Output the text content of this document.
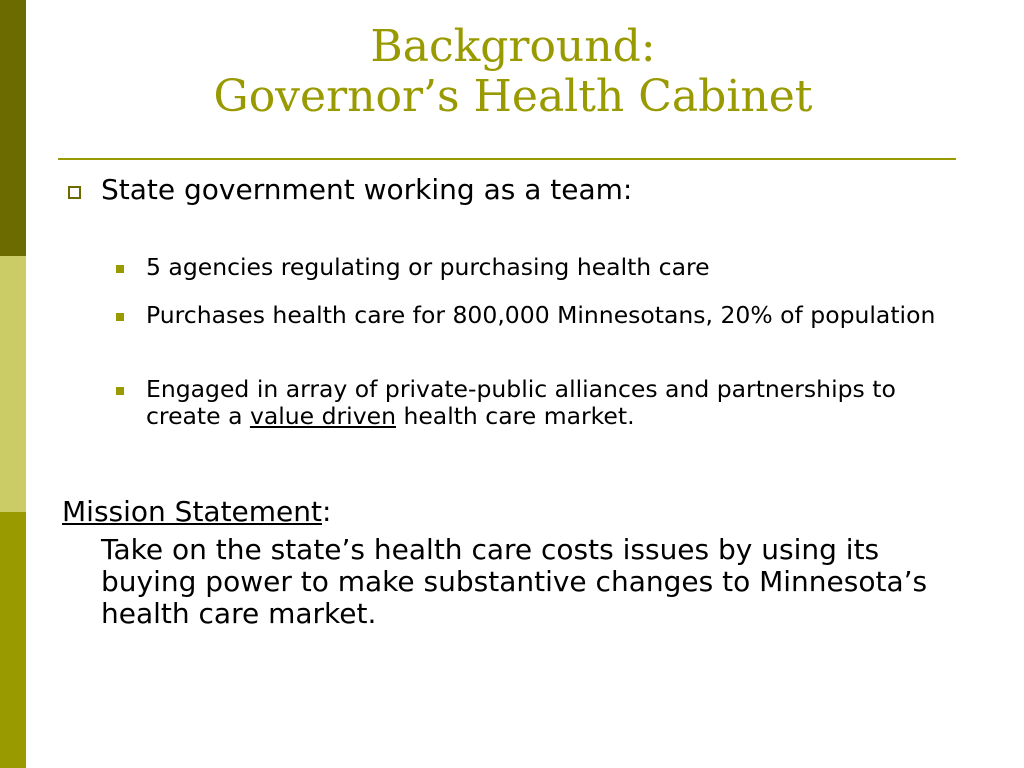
Background:
Governor’s Health Cabinet
State government working as a team:
5 agencies regulating or purchasing health care
Purchases health care for 800,000 Minnesotans, 20% of population
Engaged in array of private-public alliances and partnerships to create a value driven health care market.
Mission Statement:
Take on the state’s health care costs issues by using its buying power to make substantive changes to Minnesota’s health care market.
